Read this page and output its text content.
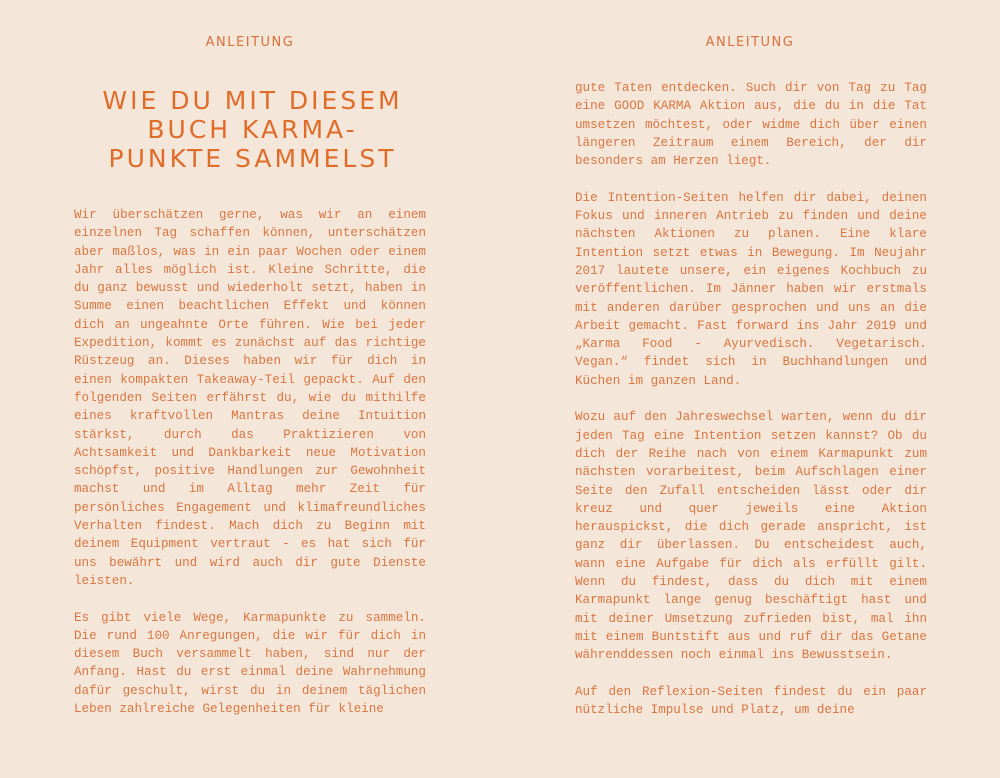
ANLEITUNG
WIE DU MIT DIESEM
BUCH KARMA-
PUNKTE SAMMELST

Wir überschätzen gerne, was wir an einem einzelnen Tag schaffen können, unterschätzen aber maßlos, was in ein paar Wochen oder einem Jahr alles möglich ist. Kleine Schritte, die du ganz bewusst und wiederholt setzt, haben in Summe einen beachtlichen Effekt und können dich an ungeahnte Orte führen. Wie bei jeder Expedition, kommt es zunächst auf das richtige Rüstzeug an. Dieses haben wir für dich in einen kompakten Takeaway-Teil gepackt. Auf den folgenden Seiten erfährst du, wie du mithilfe eines kraftvollen Mantras deine Intuition stärkst, durch das Praktizieren von Achtsamkeit und Dankbarkeit neue Motivation schöpfst, positive Handlungen zur Gewohnheit machst und im Alltag mehr Zeit für persönliches Engagement und klimafreundliches Verhalten findest. Mach dich zu Beginn mit deinem Equipment vertraut - es hat sich für uns bewährt und wird auch dir gute Dienste leisten.

Es gibt viele Wege, Karmapunkte zu sammeln. Die rund 100 Anregungen, die wir für dich in diesem Buch versammelt haben, sind nur der Anfang. Hast du erst einmal deine Wahrnehmung dafür geschult, wirst du in deinem täglichen Leben zahlreiche Gelegenheiten für kleine

ANLEITUNG

gute Taten entdecken. Such dir von Tag zu Tag eine GOOD KARMA Aktion aus, die du in die Tat umsetzen möchtest, oder widme dich über einen längeren Zeitraum einem Bereich, der dir besonders am Herzen liegt.

Die Intention-Seiten helfen dir dabei, deinen Fokus und inneren Antrieb zu finden und deine nächsten Aktionen zu planen. Eine klare Intention setzt etwas in Bewegung. Im Neujahr 2017 lautete unsere, ein eigenes Kochbuch zu veröffentlichen. Im Jänner haben wir erstmals mit anderen darüber gesprochen und uns an die Arbeit gemacht. Fast forward ins Jahr 2019 und „Karma Food - Ayurvedisch. Vegetarisch. Vegan.“ findet sich in Buchhandlungen und Küchen im ganzen Land.

Wozu auf den Jahreswechsel warten, wenn du dir jeden Tag eine Intention setzen kannst? Ob du dich der Reihe nach von einem Karmapunkt zum nächsten vorarbeitest, beim Aufschlagen einer Seite den Zufall entscheiden lässt oder dir kreuz und quer jeweils eine Aktion herauspickst, die dich gerade anspricht, ist ganz dir überlassen. Du entscheidest auch, wann eine Aufgabe für dich als erfüllt gilt. Wenn du findest, dass du dich mit einem Karmapunkt lange genug beschäftigt hast und mit deiner Umsetzung zufrieden bist, mal ihn mit einem Buntstift aus und ruf dir das Getane währenddessen noch einmal ins Bewusstsein.

Auf den Reflexion-Seiten findest du ein paar nützliche Impulse und Platz, um deine
